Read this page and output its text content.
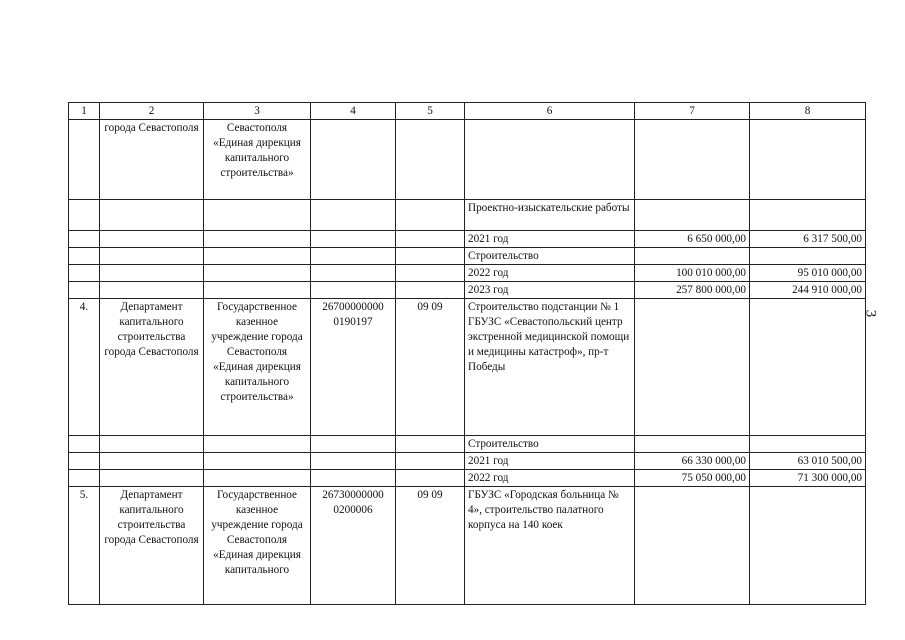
1	2	3	4	5	6	7	8
	города Севастополя	Севастополя «Единая дирекция капитального строительства»					
					Проектно-изыскательские работы		
					2021 год	6 650 000,00	6 317 500,00
					Строительство		
					2022 год	100 010 000,00	95 010 000,00
					2023 год	257 800 000,00	244 910 000,00
4.	Департамент капитального строительства города Севастополя	Государственное казенное учреждение города Севастополя «Единая дирекция капитального строительства»	26700000000 0190197	09 09	Строительство подстанции № 1 ГБУЗС «Севастопольский центр экстренной медицинской помощи и медицины катастроф», пр-т Победы		
					Строительство		
					2021 год	66 330 000,00	63 010 500,00
					2022 год	75 050 000,00	71 300 000,00
5.	Департамент капитального строительства города Севастополя	Государственное казенное учреждение города Севастополя «Единая дирекция капитального	26730000000 0200006	09 09	ГБУЗС «Городская больница № 4», строительство палатного корпуса на 140 коек		
3
